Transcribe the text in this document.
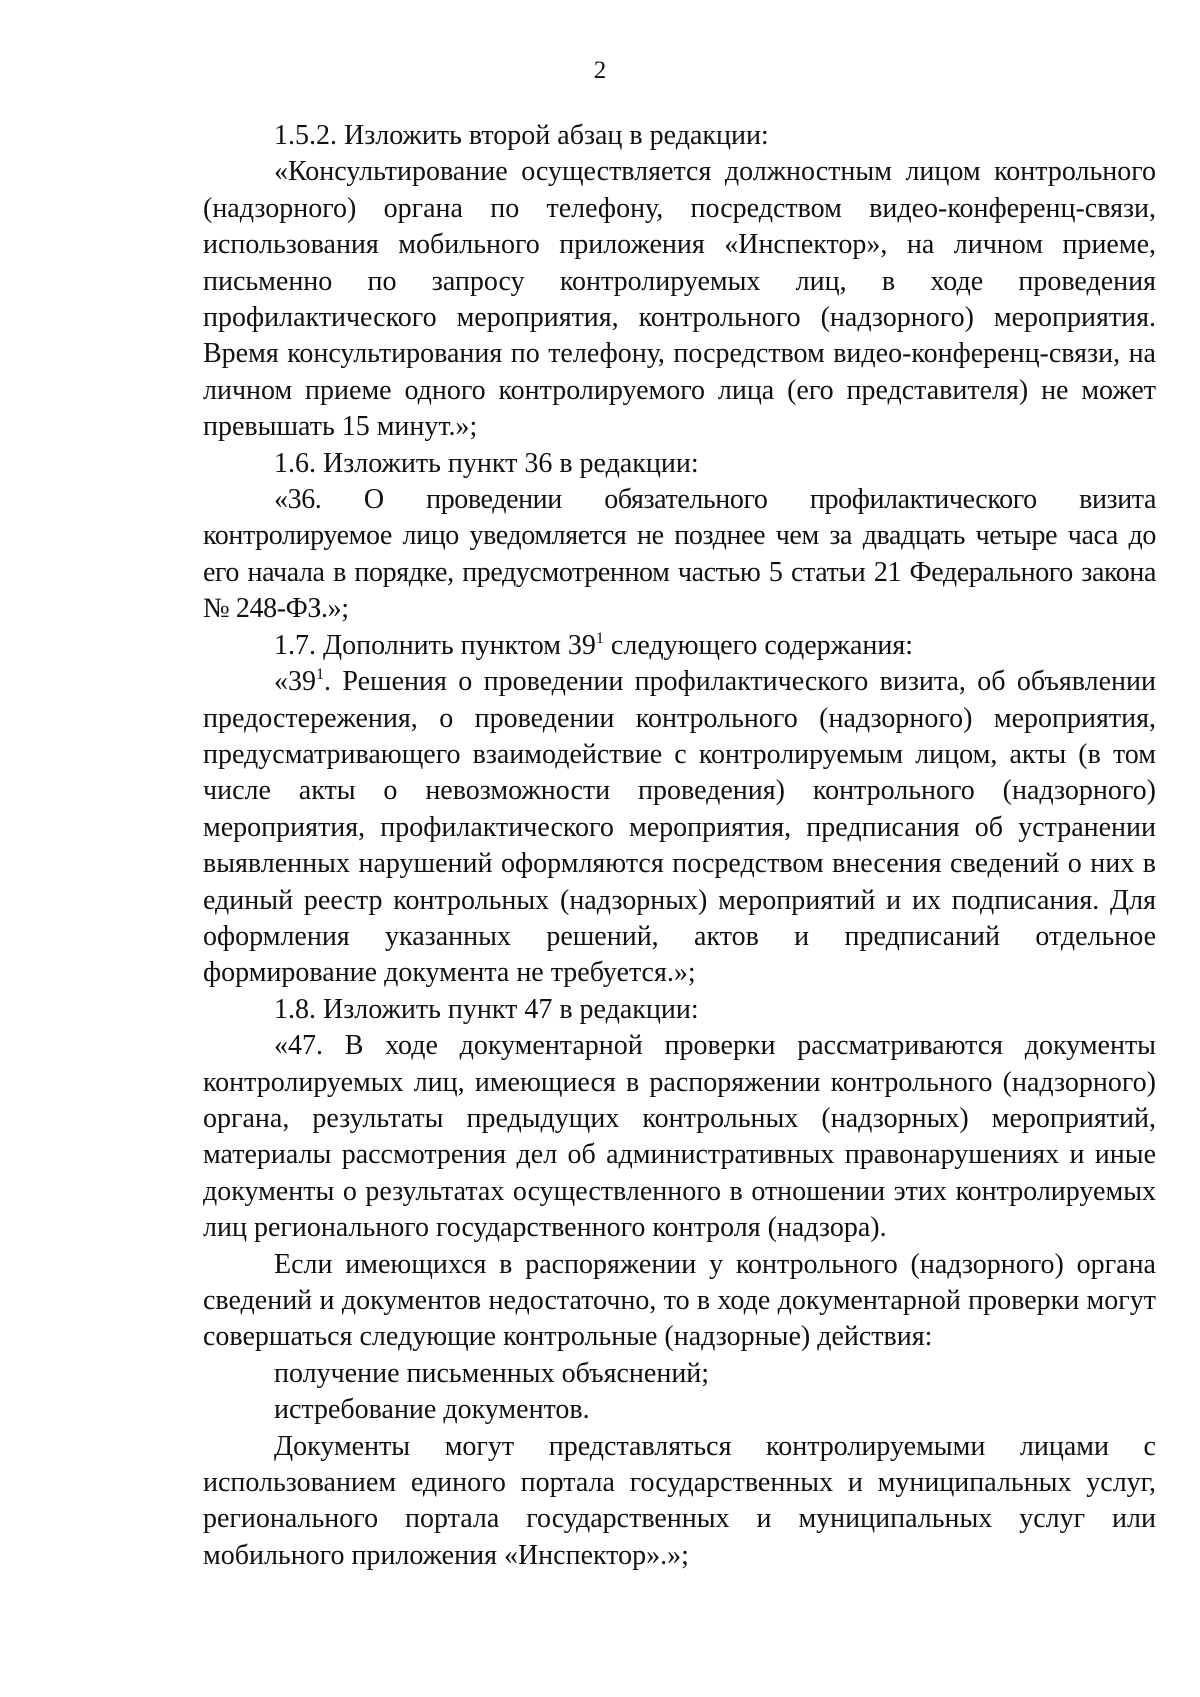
2

1.5.2. Изложить второй абзац в редакции:

«Консультирование осуществляется должностным лицом контрольного (надзорного) органа по телефону, посредством видео-конференц-связи, использования мобильного приложения «Инспектор», на личном приеме, письменно по запросу контролируемых лиц, в ходе проведения профилактического мероприятия, контрольного (надзорного) мероприятия. Время консультирования по телефону, посредством видео-конференц-связи, на личном приеме одного контролируемого лица (его представителя) не может превышать 15 минут.»;

1.6. Изложить пункт 36 в редакции:

«36. О проведении обязательного профилактического визита контролируемое лицо уведомляется не позднее чем за двадцать четыре часа до его начала в порядке, предусмотренном частью 5 статьи 21 Федерального закона № 248-ФЗ.»;

1.7. Дополнить пунктом $39^1$ следующего содержания:

«$39^1$. Решения о проведении профилактического визита, об объявлении предостережения, о проведении контрольного (надзорного) мероприятия, предусматривающего взаимодействие с контролируемым лицом, акты (в том числе акты о невозможности проведения) контрольного (надзорного) мероприятия, профилактического мероприятия, предписания об устранении выявленных нарушений оформляются посредством внесения сведений о них в единый реестр контрольных (надзорных) мероприятий и их подписания. Для оформления указанных решений, актов и предписаний отдельное формирование документа не требуется.»;

1.8. Изложить пункт 47 в редакции:

«47. В ходе документарной проверки рассматриваются документы контролируемых лиц, имеющиеся в распоряжении контрольного (надзорного) органа, результаты предыдущих контрольных (надзорных) мероприятий, материалы рассмотрения дел об административных правонарушениях и иные документы о результатах осуществленного в отношении этих контролируемых лиц регионального государственного контроля (надзора).

Если имеющихся в распоряжении у контрольного (надзорного) органа сведений и документов недостаточно, то в ходе документарной проверки могут совершаться следующие контрольные (надзорные) действия:

получение письменных объяснений;

истребование документов.

Документы могут представляться контролируемыми лицами с использованием единого портала государственных и муниципальных услуг, регионального портала государственных и муниципальных услуг или мобильного приложения «Инспектор».»;
